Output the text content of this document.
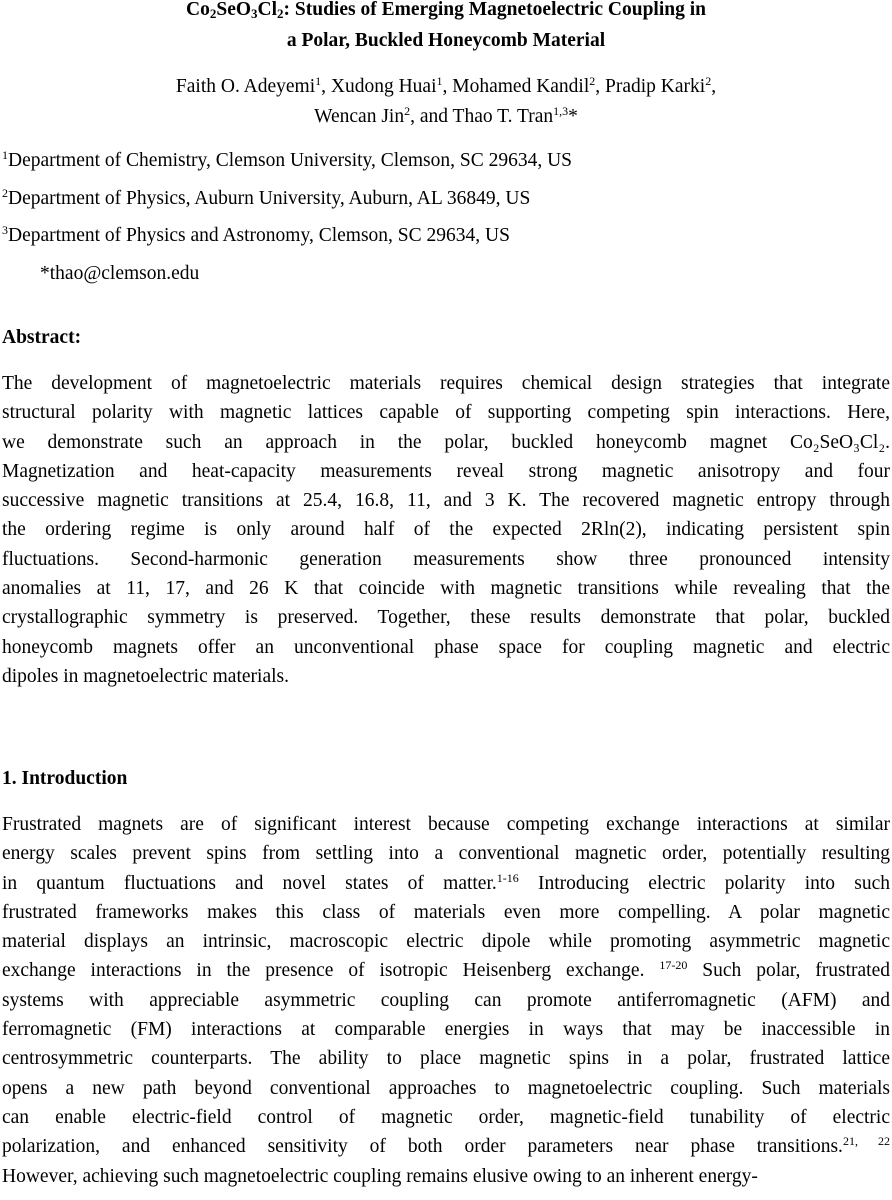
$Co_2SeO_3Cl_2$: Studies of Emerging Magnetoelectric Coupling in
a Polar, Buckled Honeycomb Material
Faith O. Adeyemi$^1$, Xudong Huai$^1$, Mohamed Kandil$^2$, Pradip Karki$^2$,
Wencan Jin$^2$, and Thao T. Tran$^{1,3}$*
$^1$Department of Chemistry, Clemson University, Clemson, SC 29634, US
$^2$Department of Physics, Auburn University, Auburn, AL 36849, US
$^3$Department of Physics and Astronomy, Clemson, SC 29634, US
*thao@clemson.edu
Abstract:
The development of magnetoelectric materials requires chemical design strategies that integrate
structural polarity with magnetic lattices capable of supporting competing spin interactions. Here,
we demonstrate such an approach in the polar, buckled honeycomb magnet Co₂SeO₃Cl₂.
Magnetization and heat-capacity measurements reveal strong magnetic anisotropy and four
successive magnetic transitions at 25.4, 16.8, 11, and 3 K. The recovered magnetic entropy through
the ordering regime is only around half of the expected 2Rln(2), indicating persistent spin
fluctuations. Second-harmonic generation measurements show three pronounced intensity
anomalies at 11, 17, and 26 K that coincide with magnetic transitions while revealing that the
crystallographic symmetry is preserved. Together, these results demonstrate that polar, buckled
honeycomb magnets offer an unconventional phase space for coupling magnetic and electric
dipoles in magnetoelectric materials.
1. Introduction
Frustrated magnets are of significant interest because competing exchange interactions at similar
energy scales prevent spins from settling into a conventional magnetic order, potentially resulting
in quantum fluctuations and novel states of matter.$^{1-16}$ Introducing electric polarity into such
frustrated frameworks makes this class of materials even more compelling. A polar magnetic
material displays an intrinsic, macroscopic electric dipole while promoting asymmetric magnetic
exchange interactions in the presence of isotropic Heisenberg exchange. $^{17-20}$ Such polar, frustrated
systems with appreciable asymmetric coupling can promote antiferromagnetic (AFM) and
ferromagnetic (FM) interactions at comparable energies in ways that may be inaccessible in
centrosymmetric counterparts. The ability to place magnetic spins in a polar, frustrated lattice
opens a new path beyond conventional approaches to magnetoelectric coupling. Such materials
can enable electric-field control of magnetic order, magnetic-field tunability of electric
polarization, and enhanced sensitivity of both order parameters near phase transitions.$^{21, 22}$
However, achieving such magnetoelectric coupling remains elusive owing to an inherent energy-
